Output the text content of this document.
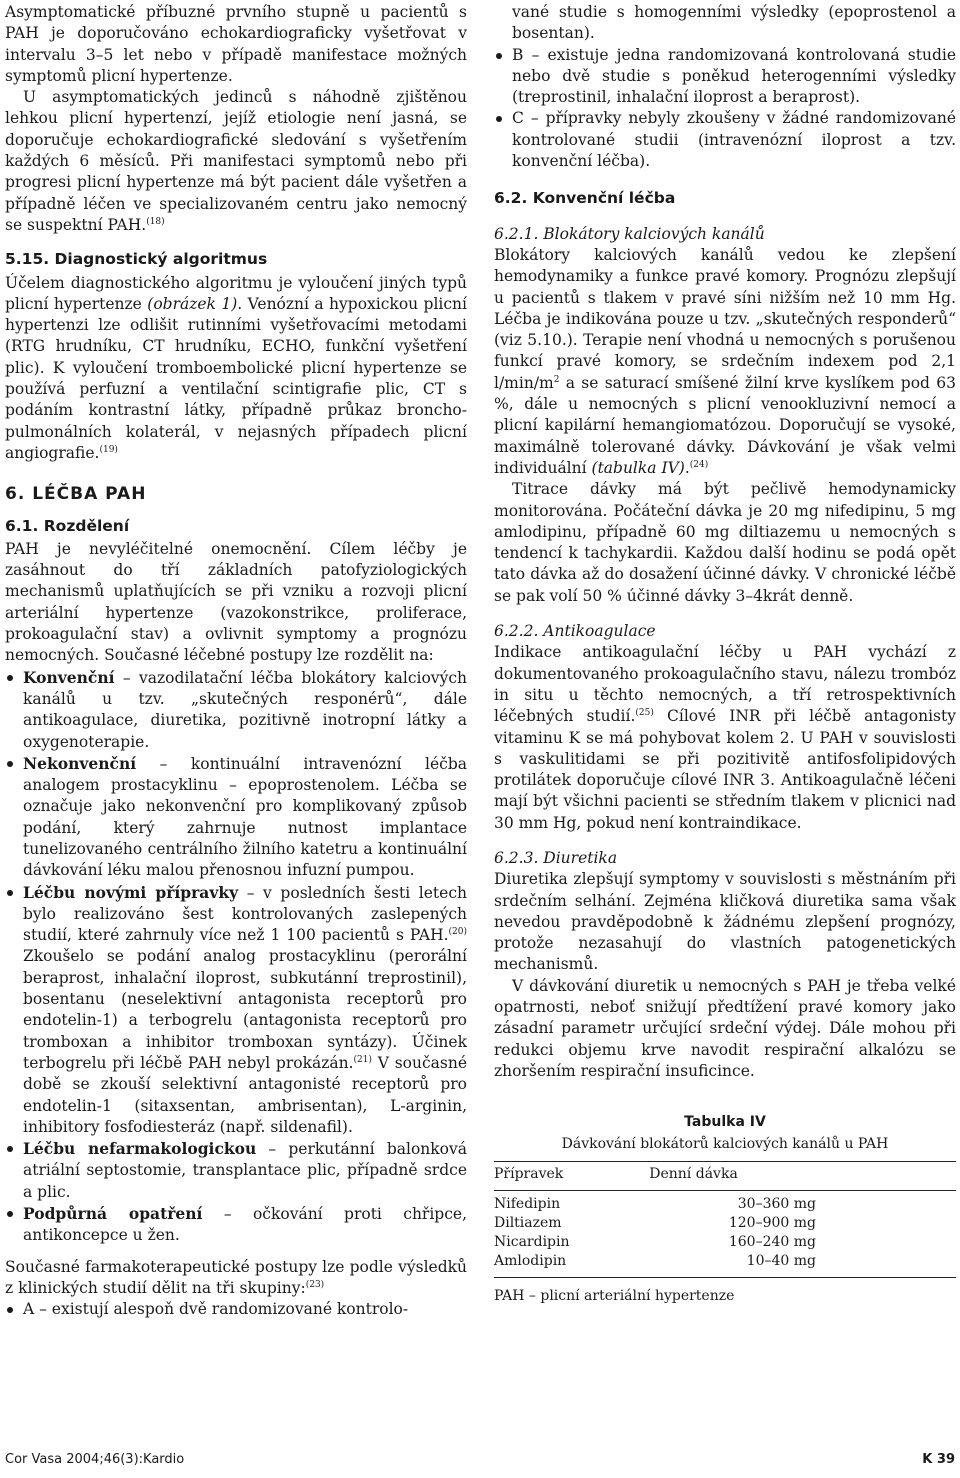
Asymptomatické příbuzné prvního stupně u pacientů s PAH je doporučováno echokardiograficky vyšetřovat v intervalu 3–5 let nebo v případě manifestace možných symptomů plicní hypertenze.

U asymptomatických jedinců s náhodně zjištěnou lehkou plicní hypertenzí, jejíž etiologie není jasná, se doporučuje echokardiografické sledování s vyšetřením každých 6 měsíců. Při manifestaci symptomů nebo při progresi plicní hypertenze má být pacient dále vyšetřen a případně léčen ve specializovaném centru jako nemocný se suspektní PAH.$^{(18)}$

5.15. Diagnostický algoritmus

Účelem diagnostického algoritmu je vyloučení jiných typů plicní hypertenze (obrázek 1). Venózní a hypoxickou plicní hypertenzi lze odlišit rutinními vyšetřovacími metodami (RTG hrudníku, CT hrudníku, ECHO, funkční vyšetření plic). K vyloučení tromboembolické plicní hypertenze se používá perfuzní a ventilační scintigrafie plic, CT s podáním kontrastní látky, případně průkaz broncho-pulmonálních kolaterál, v nejasných případech plicní angiografie.$^{(19)}$

6. LÉČBA PAH

6.1. Rozdělení

PAH je nevyléčitelné onemocnění. Cílem léčby je zasáhnout do tří základních patofyziologických mechanismů uplatňujících se při vzniku a rozvoji plicní arteriální hypertenze (vazokonstrikce, proliferace, prokoagulační stav) a ovlivnit symptomy a prognózu nemocných. Současné léčebné postupy lze rozdělit na:

Konvenční – vazodilatační léčba blokátory kalciových kanálů u tzv. „skutečných responérů“, dále antikoagulace, diuretika, pozitivně inotropní látky a oxygenoterapie.
Nekonvenční – kontinuální intravenózní léčba analogem prostacyklinu – epoprostenolem. Léčba se označuje jako nekonvenční pro komplikovaný způsob podání, který zahrnuje nutnost implantace tunelizovaného centrálního žilního katetru a kontinuální dávkování léku malou přenosnou infuzní pumpou.
Léčbu novými přípravky – v posledních šesti letech bylo realizováno šest kontrolovaných zaslepených studií, které zahrnuly více než 1 100 pacientů s PAH.$^{(20)}$ Zkoušelo se podání analog prostacyklinu (perorální beraprost, inhalační iloprost, subkutánní treprostinil), bosentanu (neselektivní antagonista receptorů pro endotelin-1) a terbogrelu (antagonista receptorů pro tromboxan a inhibitor tromboxan syntázy). Účinek terbogrelu při léčbě PAH nebyl prokázán.$^{(21)}$ V současné době se zkouší selektivní antagonisté receptorů pro endotelin-1 (sitaxsentan, ambrisentan), L-arginin, inhibitory fosfodiesteráz (např. sildenafil).
Léčbu nefarmakologickou – perkutánní balonková atriální septostomie, transplantace plic, případně srdce a plic.
Podpůrná opatření – očkování proti chřipce, antikoncepce u žen.

Současné farmakoterapeutické postupy lze podle výsledků z klinických studií dělit na tři skupiny:$^{(23)}$

A – existují alespoň dvě randomizované kontrolo-
vané studie s homogenními výsledky (epoprostenol a bosentan).
B – existuje jedna randomizovaná kontrolovaná studie nebo dvě studie s poněkud heterogenními výsledky (treprostinil, inhalační iloprost a beraprost).
C – přípravky nebyly zkoušeny v žádné randomizované kontrolované studii (intravenózní iloprost a tzv. konvenční léčba).

6.2. Konvenční léčba

6.2.1. Blokátory kalciových kanálů

Blokátory kalciových kanálů vedou ke zlepšení hemodynamiky a funkce pravé komory. Prognózu zlepšují u pacientů s tlakem v pravé síni nižším než 10 mm Hg. Léčba je indikována pouze u tzv. „skutečných responderů“ (viz 5.10.). Terapie není vhodná u nemocných s porušenou funkcí pravé komory, se srdečním indexem pod 2,1 $l/\min/m^2$ a se saturací smíšené žilní krve kyslíkem pod 63 %, dále u nemocných s plicní venookluzivní nemocí a plicní kapilární hemangiomatózou. Doporučují se vysoké, maximálně tolerované dávky. Dávkování je však velmi individuální (tabulka IV).$^{(24)}$

Titrace dávky má být pečlivě hemodynamicky monitorována. Počáteční dávka je 20 mg nifedipinu, 5 mg amlodipinu, případně 60 mg diltiazemu u nemocných s tendencí k tachykardii. Každou další hodinu se podá opět tato dávka až do dosažení účinné dávky. V chronické léčbě se pak volí 50 % účinné dávky 3–4krát denně.

6.2.2. Antikoagulace

Indikace antikoagulační léčby u PAH vychází z dokumentovaného prokoagulačního stavu, nálezu trombóz in situ u těchto nemocných, a tří retrospektivních léčebných studií.$^{(25)}$ Cílové INR při léčbě antagonisty vitaminu K se má pohybovat kolem 2. U PAH v souvislosti s vaskulitidami se při pozitivitě antifosfolipidových protilátek doporučuje cílové INR 3. Antikoagulačně léčeni mají být všichni pacienti se středním tlakem v plicnici nad 30 mm Hg, pokud není kontraindikace.

6.2.3. Diuretika

Diuretika zlepšují symptomy v souvislosti s městnáním při srdečním selhání. Zejména kličková diuretika sama však nevedou pravděpodobně k žádnému zlepšení prognózy, protože nezasahují do vlastních patogenetických mechanismů.

V dávkování diuretik u nemocných s PAH je třeba velké opatrnosti, neboť snižují předtížení pravé komory jako zásadní parametr určující srdeční výdej. Dále mohou při redukci objemu krve navodit respirační alkalózu se zhoršením respirační insuficince.

Tabulka IV
Dávkování blokátorů kalciových kanálů u PAH
Přípravek	Denní dávka
Nifedipin	30–360 mg
Diltiazem	120–900 mg
Nicardipin	160–240 mg
Amlodipin	10–40 mg
PAH – plicní arteriální hypertenze
Cor Vasa 2004;46(3):Kardio	K 39
